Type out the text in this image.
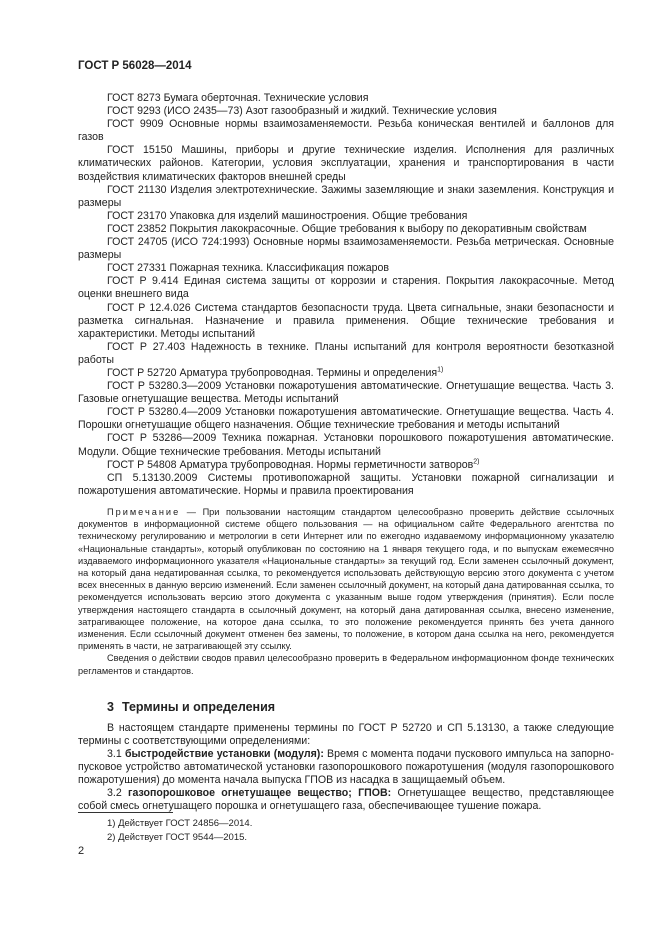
ГОСТ Р 56028—2014

ГОСТ 8273 Бумага оберточная. Технические условия

ГОСТ 9293 (ИСО 2435—73) Азот газообразный и жидкий. Технические условия

ГОСТ 9909 Основные нормы взаимозаменяемости. Резьба коническая вентилей и баллонов для газов

ГОСТ 15150 Машины, приборы и другие технические изделия. Исполнения для различных климатических районов. Категории, условия эксплуатации, хранения и транспортирования в части воздействия климатических факторов внешней среды

ГОСТ 21130 Изделия электротехнические. Зажимы заземляющие и знаки заземления. Конструкция и размеры

ГОСТ 23170 Упаковка для изделий машиностроения. Общие требования

ГОСТ 23852 Покрытия лакокрасочные. Общие требования к выбору по декоративным свойствам

ГОСТ 24705 (ИСО 724:1993) Основные нормы взаимозаменяемости. Резьба метрическая. Основные размеры

ГОСТ 27331 Пожарная техника. Классификация пожаров

ГОСТ Р 9.414 Единая система защиты от коррозии и старения. Покрытия лакокрасочные. Метод оценки внешнего вида

ГОСТ Р 12.4.026 Система стандартов безопасности труда. Цвета сигнальные, знаки безопасности и разметка сигнальная. Назначение и правила применения. Общие технические требования и характеристики. Методы испытаний

ГОСТ Р 27.403 Надежность в технике. Планы испытаний для контроля вероятности безотказной работы

ГОСТ Р 52720 Арматура трубопроводная. Термины и определения$^{1)}$

ГОСТ Р 53280.3—2009 Установки пожаротушения автоматические. Огнетушащие вещества. Часть 3. Газовые огнетушащие вещества. Методы испытаний

ГОСТ Р 53280.4—2009 Установки пожаротушения автоматические. Огнетушащие вещества. Часть 4. Порошки огнетушащие общего назначения. Общие технические требования и методы испытаний

ГОСТ Р 53286—2009 Техника пожарная. Установки порошкового пожаротушения автоматические. Модули. Общие технические требования. Методы испытаний

ГОСТ Р 54808 Арматура трубопроводная. Нормы герметичности затворов$^{2)}$

СП 5.13130.2009 Системы противопожарной защиты. Установки пожарной сигнализации и пожаротушения автоматические. Нормы и правила проектирования

Примечание — При пользовании настоящим стандартом целесообразно проверить действие ссылочных документов в информационной системе общего пользования — на официальном сайте Федерального агентства по техническому регулированию и метрологии в сети Интернет или по ежегодно издаваемому информационному указателю «Национальные стандарты», который опубликован по состоянию на 1 января текущего года, и по выпускам ежемесячно издаваемого информационного указателя «Национальные стандарты» за текущий год. Если заменен ссылочный документ, на который дана недатированная ссылка, то рекомендуется использовать действующую версию этого документа с учетом всех внесенных в данную версию изменений. Если заменен ссылочный документ, на который дана датированная ссылка, то рекомендуется использовать версию этого документа с указанным выше годом утверждения (принятия). Если после утверждения настоящего стандарта в ссылочный документ, на который дана датированная ссылка, внесено изменение, затрагивающее положение, на которое дана ссылка, то это положение рекомендуется принять без учета данного изменения. Если ссылочный документ отменен без замены, то положение, в котором дана ссылка на него, рекомендуется применять в части, не затрагивающей эту ссылку.

Сведения о действии сводов правил целесообразно проверить в Федеральном информационном фонде технических регламентов и стандартов.

3 Термины и определения

В настоящем стандарте применены термины по ГОСТ Р 52720 и СП 5.13130, а также следующие термины с соответствующими определениями:

3.1 быстродействие установки (модуля): Время с момента подачи пускового импульса на запорно-пусковое устройство автоматической установки газопорошкового пожаротушения (модуля газопорошкового пожаротушения) до момента начала выпуска ГПОВ из насадка в защищаемый объем.

3.2 газопорошковое огнетушащее вещество; ГПОВ: Огнетушащее вещество, представляющее собой смесь огнетушащего порошка и огнетушащего газа, обеспечивающее тушение пожара.

1) Действует ГОСТ 24856—2014.
2) Действует ГОСТ 9544—2015.
2
